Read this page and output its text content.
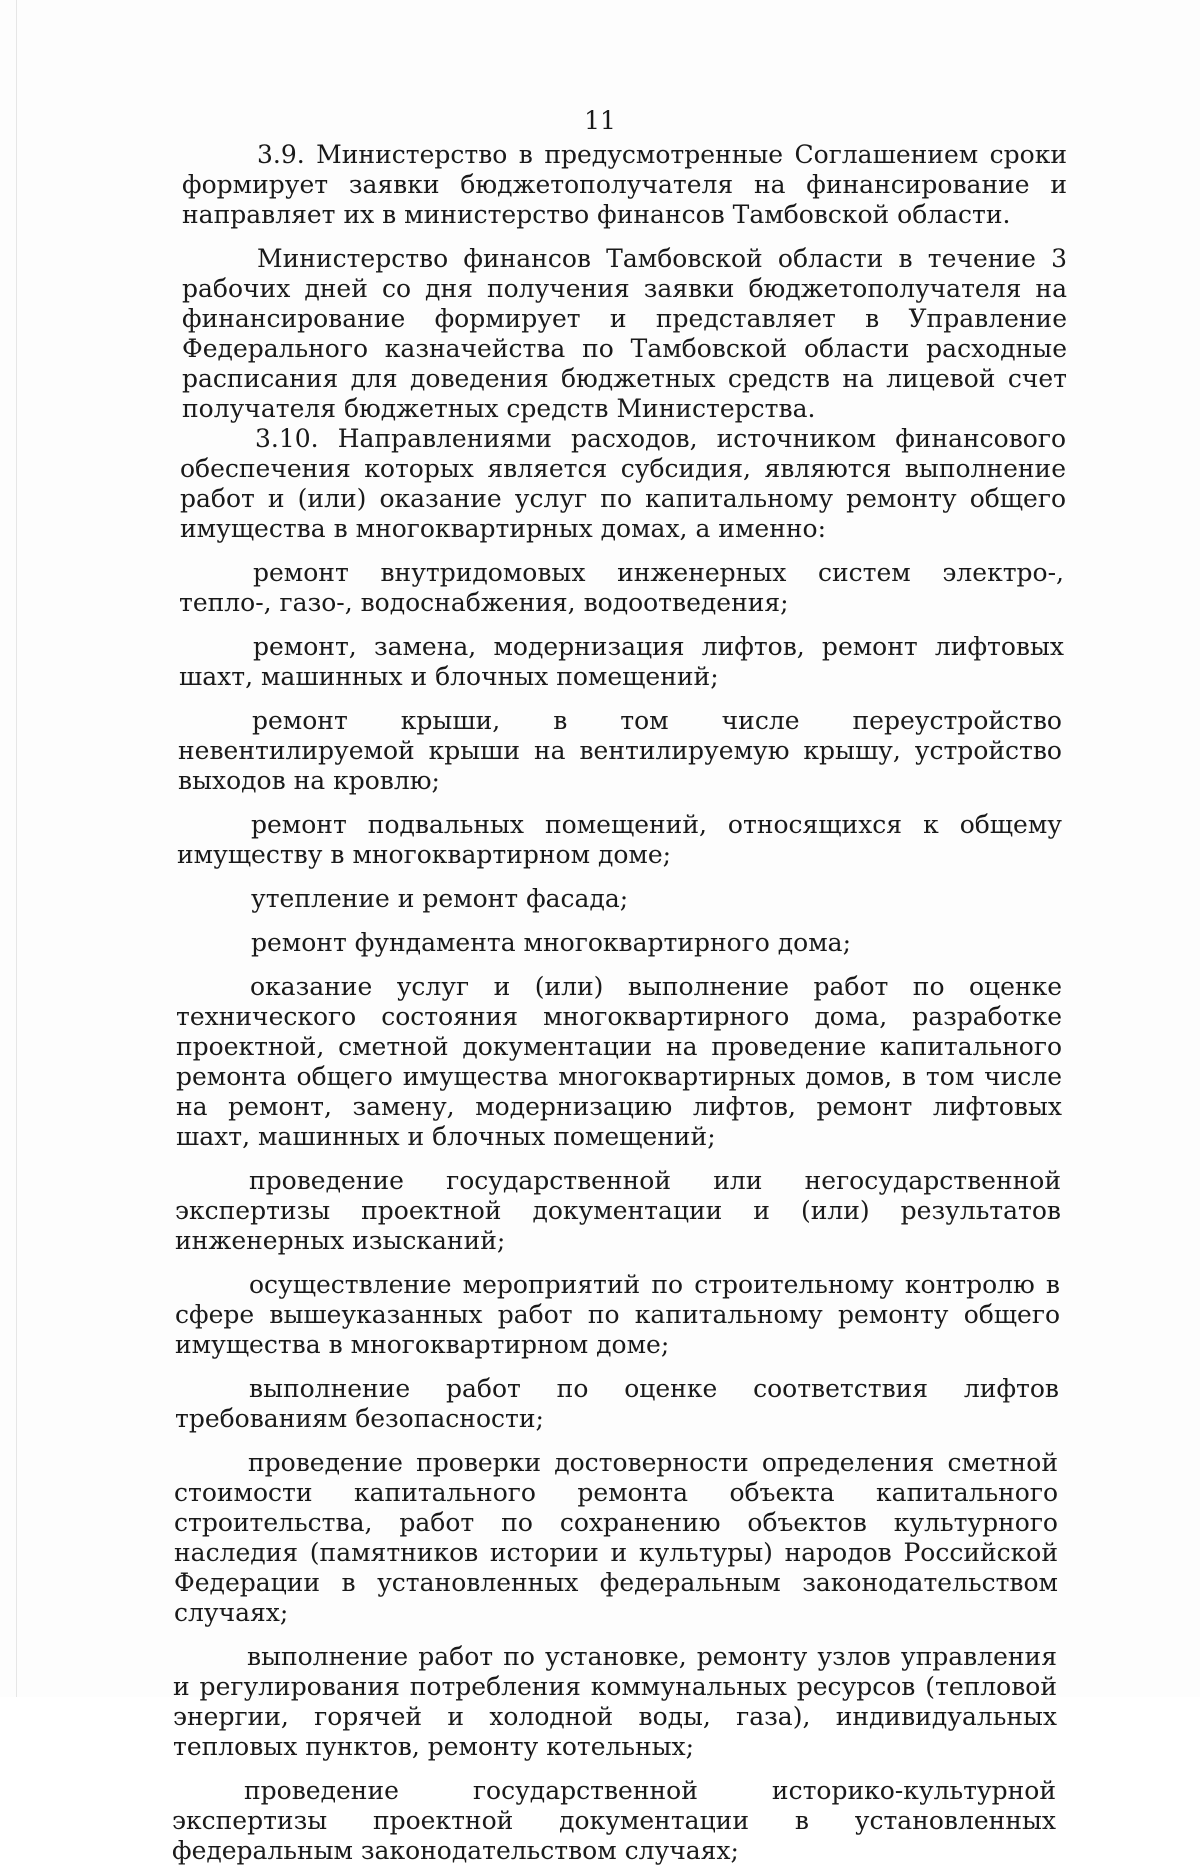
11

3.9. Министерство в предусмотренные Соглашением сроки формирует заявки бюджетополучателя на финансирование и направляет их в министерство финансов Тамбовской области.

Министерство финансов Тамбовской области в течение 3 рабочих дней со дня получения заявки бюджетополучателя на финансирование формирует и представляет в Управление Федерального казначейства по Тамбовской области расходные расписания для доведения бюджетных средств на лицевой счет получателя бюджетных средств Министерства.

3.10. Направлениями расходов, источником финансового обеспечения которых является субсидия, являются выполнение работ и (или) оказание услуг по капитальному ремонту общего имущества в многоквартирных домах, а именно:

ремонт внутридомовых инженерных систем электро-, тепло-, газо-, водоснабжения, водоотведения;

ремонт, замена, модернизация лифтов, ремонт лифтовых шахт, машинных и блочных помещений;

ремонт крыши, в том числе переустройство невентилируемой крыши на вентилируемую крышу, устройство выходов на кровлю;

ремонт подвальных помещений, относящихся к общему имуществу в многоквартирном доме;

утепление и ремонт фасада;

ремонт фундамента многоквартирного дома;

оказание услуг и (или) выполнение работ по оценке технического состояния многоквартирного дома, разработке проектной, сметной документации на проведение капитального ремонта общего имущества многоквартирных домов, в том числе на ремонт, замену, модернизацию лифтов, ремонт лифтовых шахт, машинных и блочных помещений;

проведение государственной или негосударственной экспертизы проектной документации и (или) результатов инженерных изысканий;

осуществление мероприятий по строительному контролю в сфере вышеуказанных работ по капитальному ремонту общего имущества в многоквартирном доме;

выполнение работ по оценке соответствия лифтов требованиям безопасности;

проведение проверки достоверности определения сметной стоимости капитального ремонта объекта капитального строительства, работ по сохранению объектов культурного наследия (памятников истории и культуры) народов Российской Федерации в установленных федеральным законодательством случаях;

выполнение работ по установке, ремонту узлов управления и регулирования потребления коммунальных ресурсов (тепловой энергии, горячей и холодной воды, газа), индивидуальных тепловых пунктов, ремонту котельных;

проведение государственной историко-культурной экспертизы проектной документации в установленных федеральным законодательством случаях;
